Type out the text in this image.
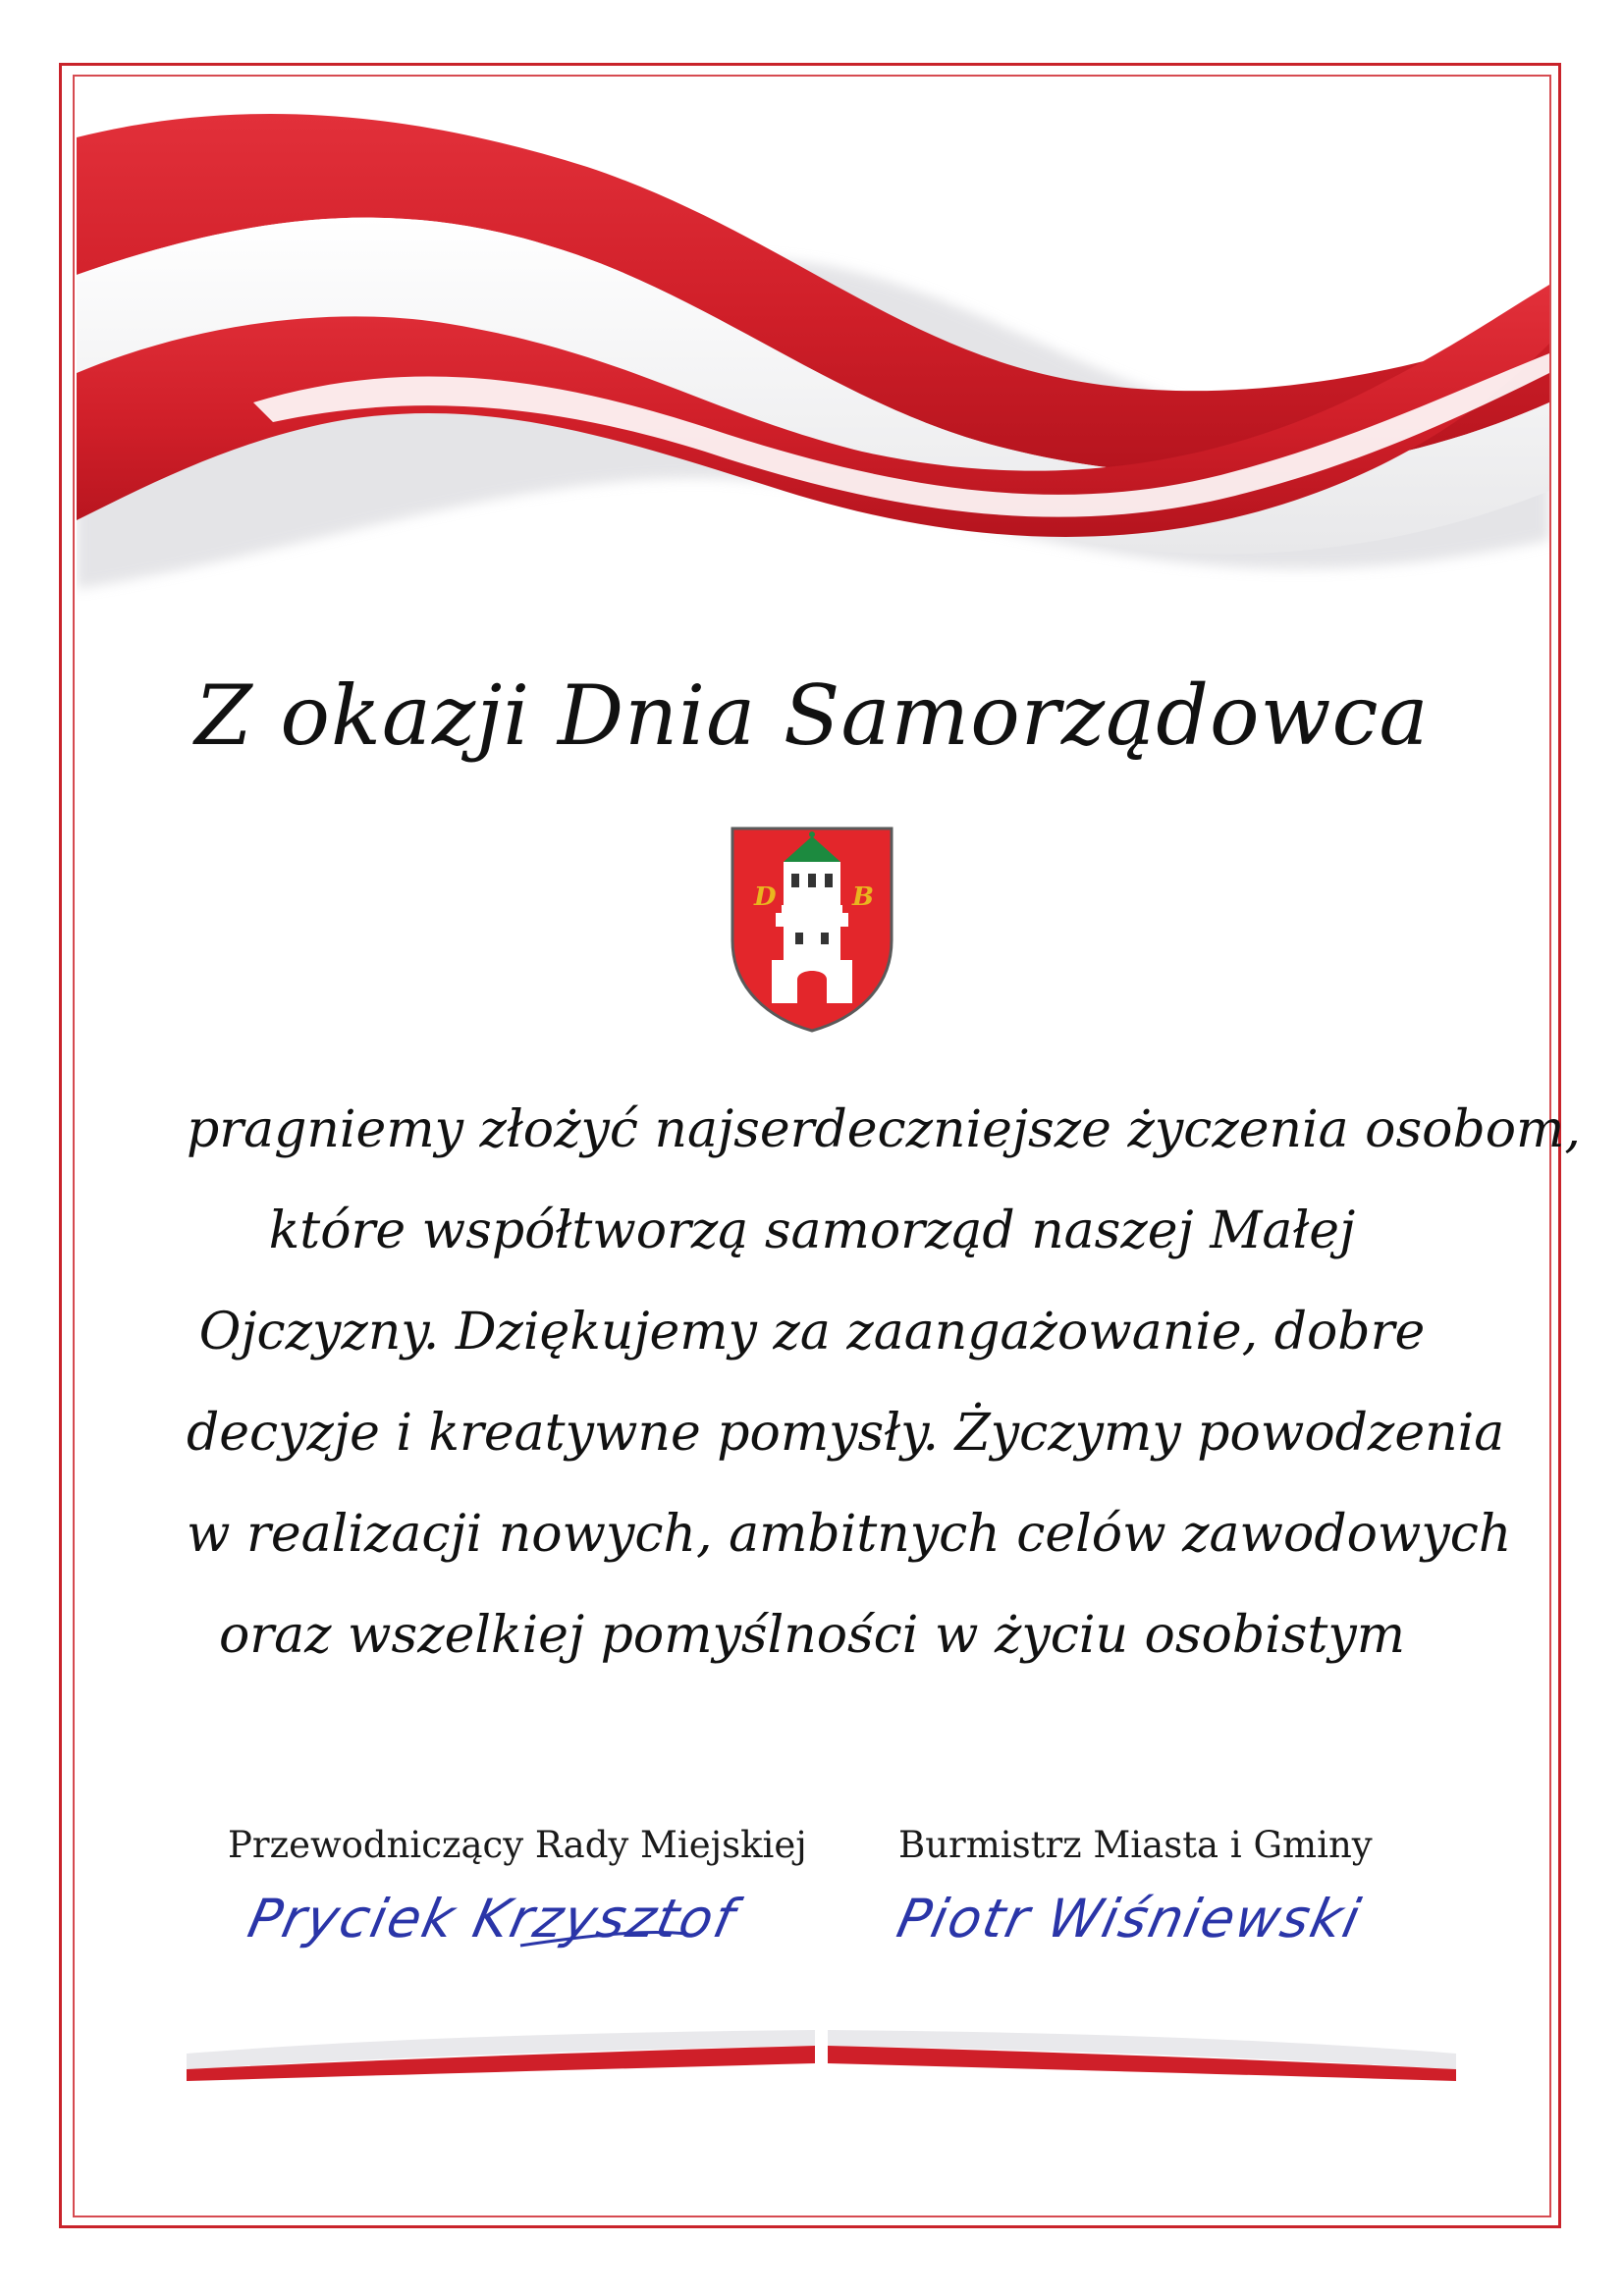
Z okazji Dnia Samorządowca
D	B
pragniemy złożyć najserdeczniejsze życzenia osobom,
które współtworzą samorząd naszej Małej
Ojczyzny. Dziękujemy za zaangażowanie, dobre
decyzje i kreatywne pomysły. Życzymy powodzenia
w realizacji nowych, ambitnych celów zawodowych
oraz wszelkiej pomyślności w życiu osobistym
Przewodniczący Rady Miejskiej
Pryciek Krzysztof
Burmistrz Miasta i Gminy
Piotr Wiśniewski
